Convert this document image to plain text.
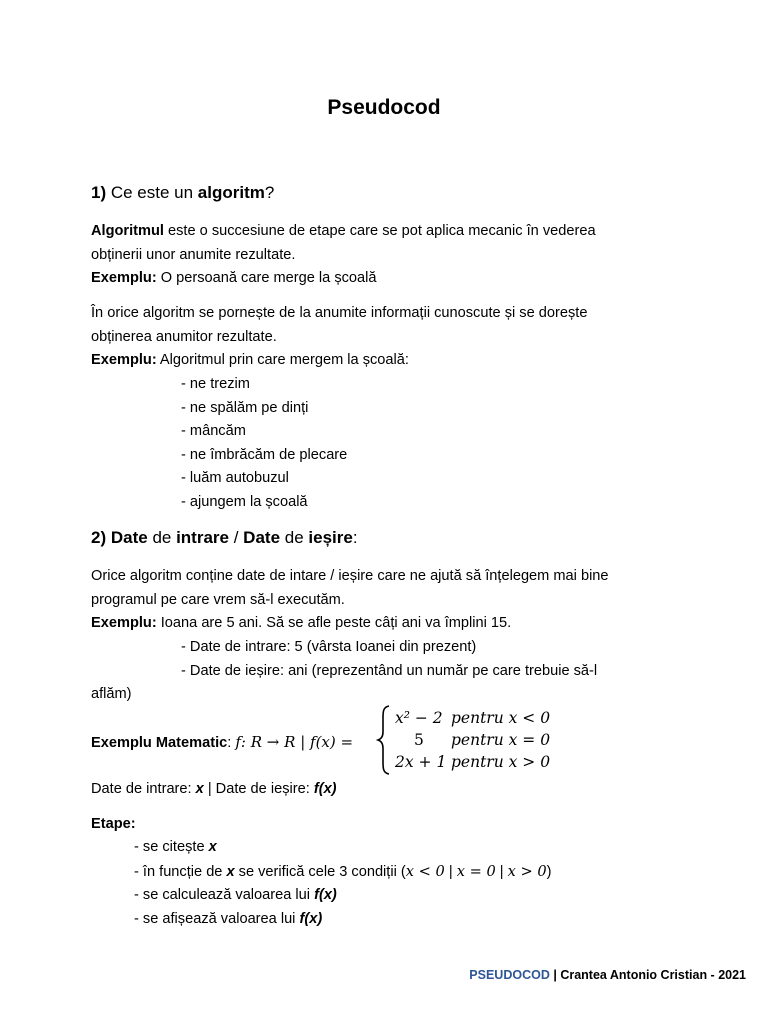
Pseudocod
1) Ce este un algoritm?
Algoritmul este o succesiune de etape care se pot aplica mecanic în vederea
obținerii unor anumite rezultate.
Exemplu: O persoană care merge la școală
În orice algoritm se pornește de la anumite informații cunoscute și se dorește
obținerea anumitor rezultate.
Exemplu: Algoritmul prin care mergem la școală:
- ne trezim
- ne spălăm pe dinți
- mâncăm
- ne îmbrăcăm de plecare
- luăm autobuzul
- ajungem la școală
2) Date de intrare / Date de ieșire:
Orice algoritm conține date de intare / ieșire care ne ajută să înțelegem mai bine
programul pe care vrem să-l executăm.
Exemplu: Ioana are 5 ani. Să se afle peste câți ani va împlini 15.
- Date de intrare: 5 (vârsta Ioanei din prezent)
- Date de ieșire: ani (reprezentând un număr pe care trebuie să-l
aflăm)
Exemplu Matematic: f: R → R | f(x) =
x² − 2 pentru x < 0
5 pentru x = 0
2x + 1 pentru x > 0
Date de intrare: x | Date de ieșire: f(x)
Etape:
- se citește x
- în funcție de x se verifică cele 3 condiții (x < 0 | x = 0 | x > 0)
- se calculează valoarea lui f(x)
- se afișează valoarea lui f(x)
PSEUDOCOD | Crantea Antonio Cristian - 2021
